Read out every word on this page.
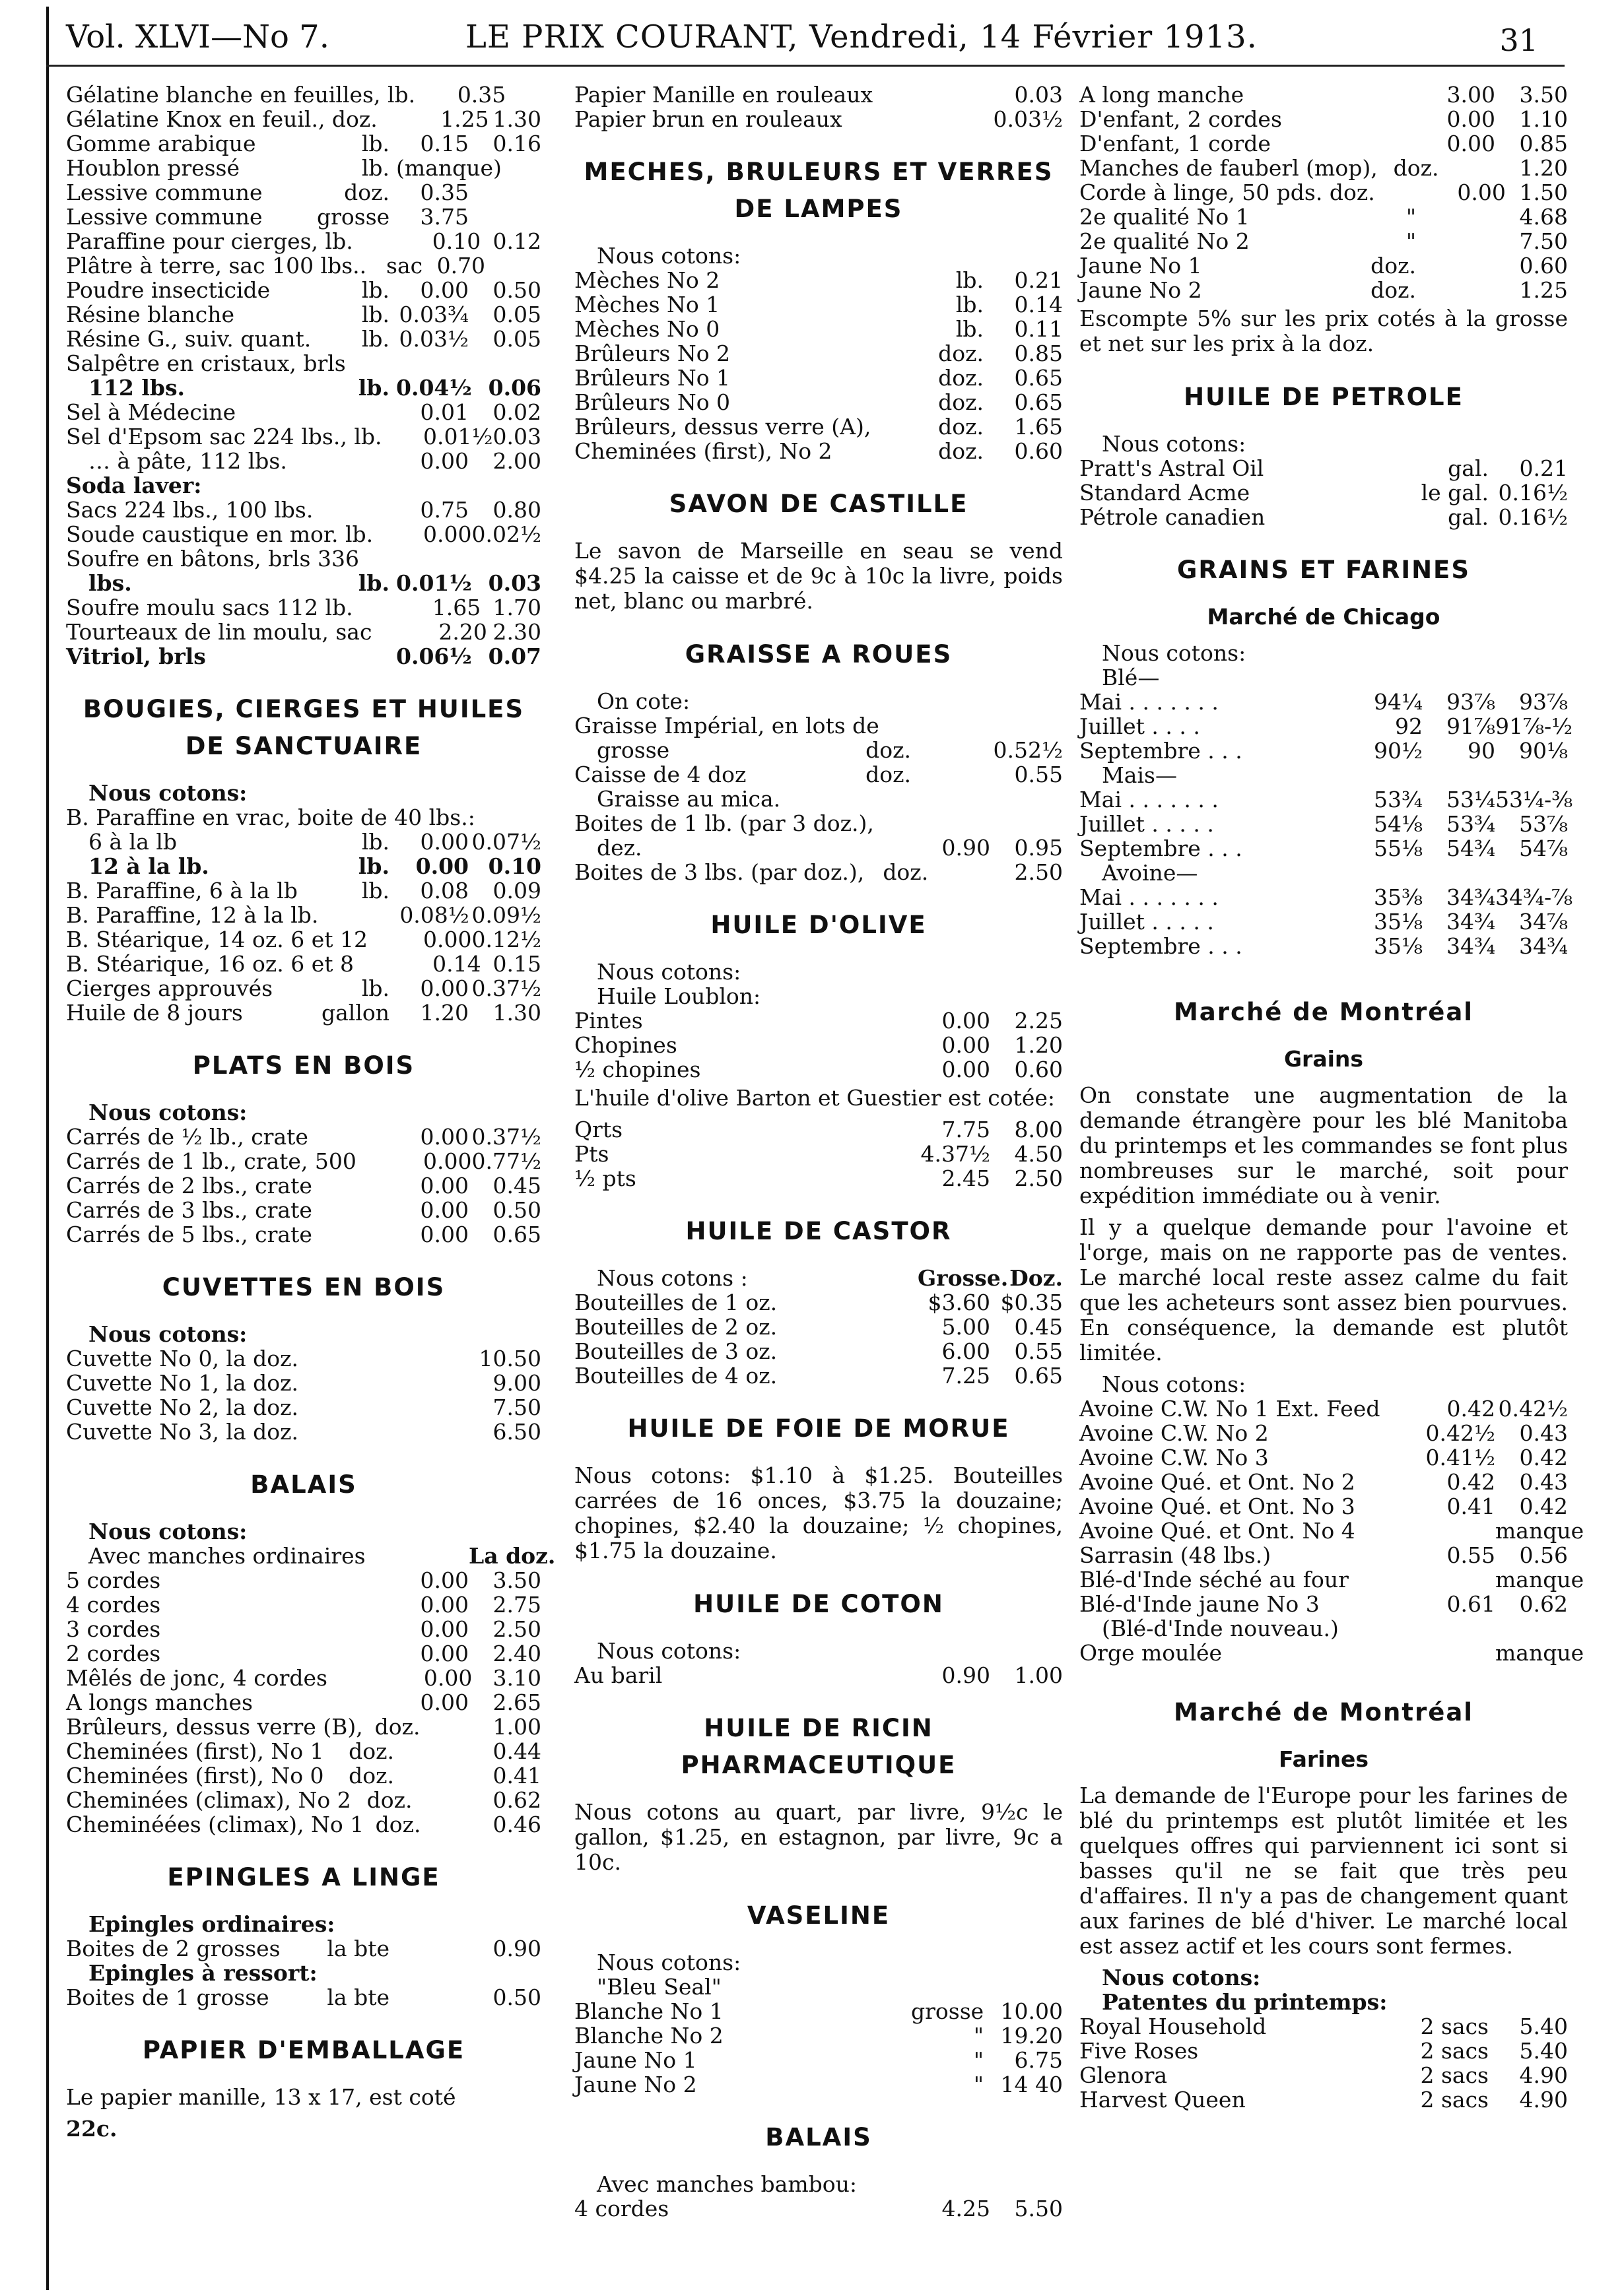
Vol. XLVI—No 7.	LE PRIX COURANT, Vendredi, 14 Février 1913.	31
Gélatine blanche en feuilles, lb. 0.35
Gélatine Knox en feuil., doz.	1.25 1.30
Gomme arabique	lb.	0.15	0.16
Houblon pressé	lb. (manque)
Lessive commune	doz.	0.35
Lessive commune	grosse	3.75
Paraffine pour cierges, lb.	0.10 0.12
Plâtre à terre, sac 100 lbs.. sac 0.70
Poudre insecticide	lb.	0.00	0.50
Résine blanche	lb. 0.03¾	0.05
Résine G., suiv. quant.	lb. 0.03½	0.05
Salpêtre en cristaux, brls
112 lbs.	lb. 0.04½ 0.06
Sel à Médecine	0.01	0.02
Sel d'Epsom sac 224 lbs., lb. 0.01½ 0.03
… à pâte, 112 lbs.	0.00	2.00
Soda laver:
Sacs 224 lbs., 100 lbs.	0.75	0.80
Soude caustique en mor. lb. 0.00 0.02½
Soufre en bâtons, brls 336
lbs.	lb. 0.01½ 0.03
Soufre moulu sacs 112 lb.	1.65 1.70
Tourteaux de lin moulu, sac	2.20 2.30
Vitriol, brls	0.06½ 0.07
BOUGIES, CIERGES ET HUILES DE SANCTUAIRE
Nous cotons:
B. Paraffine en vrac, boite de 40 lbs.:
6 à la lb	lb.	0.00 0.07½
12 à la lb.	lb.	0.00 0.10
B. Paraffine, 6 à la lb	lb.	0.08	0.09
B. Paraffine, 12 à la lb.	0.08½ 0.09½
B. Stéarique, 14 oz. 6 et 12	0.00 0.12½
B. Stéarique, 16 oz. 6 et 8	0.14 0.15
Cierges approuvés	lb.	0.00 0.37½
Huile de 8 jours	gallon	1.20	1.30
PLATS EN BOIS
Nous cotons:
Carrés de ½ lb., crate	0.00 0.37½
Carrés de 1 lb., crate, 500	0.00 0.77½
Carrés de 2 lbs., crate	0.00	0.45
Carrés de 3 lbs., crate	0.00	0.50
Carrés de 5 lbs., crate	0.00	0.65
CUVETTES EN BOIS
Nous cotons:
Cuvette No 0, la doz.	10.50
Cuvette No 1, la doz.	9.00
Cuvette No 2, la doz.	7.50
Cuvette No 3, la doz.	6.50
BALAIS
Nous cotons:
Avec manches ordinaires	La doz.
5 cordes	0.00	3.50
4 cordes	0.00	2.75
3 cordes	0.00	2.50
2 cordes	0.00	2.40
Mêlés de jonc, 4 cordes	0.00 3.10
A longs manches	0.00	2.65
Brûleurs, dessus verre (B), doz.	1.00
Cheminées (first), No 1	doz.	0.44
Cheminées (first), No 0	doz.	0.41
Cheminées (climax), No 2 doz.	0.62
Cheminéées (climax), No 1 doz.	0.46
EPINGLES A LINGE
Epingles ordinaires:
Boites de 2 grosses	la bte	0.90
Epingles à ressort:
Boites de 1 grosse	la bte	0.50
PAPIER D'EMBALLAGE
Le papier manille, 13 x 17, est coté
22c.
Papier Manille en rouleaux	0.03
Papier brun en rouleaux	0.03½
MECHES, BRULEURS ET VERRES DE LAMPES
Nous cotons:
Mèches No 2	lb.	0.21
Mèches No 1	lb.	0.14
Mèches No 0	lb.	0.11
Brûleurs No 2	doz.	0.85
Brûleurs No 1	doz.	0.65
Brûleurs No 0	doz.	0.65
Brûleurs, dessus verre (A),	doz.	1.65
Cheminées (first), No 2	doz.	0.60
SAVON DE CASTILLE
Le savon de Marseille en seau se vend $4.25 la caisse et de 9c à 10c la livre, poids net, blanc ou marbré.
GRAISSE A ROUES
On cote:
Graisse Impérial, en lots de
grosse	doz.	0.52½
Caisse de 4 doz	doz.	0.55
Graisse au mica.
Boites de 1 lb. (par 3 doz.),
dez.	0.90	0.95
Boites de 3 lbs. (par doz.), doz.	2.50
HUILE D'OLIVE
Nous cotons:
Huile Loublon:
Pintes	0.00	2.25
Chopines	0.00	1.20
½ chopines	0.00	0.60
L'huile d'olive Barton et Guestier est cotée:
Qrts	7.75	8.00
Pts	4.37½	4.50
½ pts	2.45	2.50
HUILE DE CASTOR
Nous cotons :	Grosse. Doz.
Bouteilles de 1 oz.	$3.60 $0.35
Bouteilles de 2 oz.	5.00	0.45
Bouteilles de 3 oz.	6.00	0.55
Bouteilles de 4 oz.	7.25	0.65
HUILE DE FOIE DE MORUE
Nous cotons: $1.10 à $1.25. Bouteilles carrées de 16 onces, $3.75 la douzaine; chopines, $2.40 la douzaine; ½ chopines, $1.75 la douzaine.
HUILE DE COTON
Nous cotons:
Au baril	0.90	1.00
HUILE DE RICIN PHARMACEUTIQUE
Nous cotons au quart, par livre, 9½c le gallon, $1.25, en estagnon, par livre, 9c a 10c.
VASELINE
Nous cotons:
"Bleu Seal"
Blanche No 1	grosse 10.00
Blanche No 2	" 19.20
Jaune No 1	"	6.75
Jaune No 2	" 14 40
BALAIS
Avec manches bambou:
4 cordes	4.25	5.50
A long manche	3.00	3.50
D'enfant, 2 cordes	0.00	1.10
D'enfant, 1 corde	0.00	0.85
Manches de fauberl (mop), doz.	1.20
Corde à linge, 50 pds. doz.	0.00 1.50
2e qualité No 1	"	4.68
2e qualité No 2	"	7.50
Jaune No 1	doz.	0.60
Jaune No 2	doz.	1.25
Escompte 5% sur les prix cotés à la grosse et net sur les prix à la doz.
HUILE DE PETROLE
Nous cotons:
Pratt's Astral Oil	gal.	0.21
Standard Acme	le gal. 0.16½
Pétrole canadien	gal. 0.16½
GRAINS ET FARINES
Marché de Chicago
Nous cotons:
Blé—
Mai . . . . . . .	94¼	93⅞	93⅞
Juillet . . . .	92	91⅞ 91⅞-½
Septembre . . .	90½	90	90⅛
Mais—
Mai . . . . . . .	53¾	53¼ 53¼-⅜
Juillet . . . . .	54⅛	53¾	53⅞
Septembre . . .	55⅛	54¾	54⅞
Avoine—
Mai . . . . . . .	35⅜	34¾ 34¾-⅞
Juillet . . . . .	35⅛	34¾	34⅞
Septembre . . .	35⅛	34¾	34¾
Marché de Montréal
Grains
On constate une augmentation de la demande étrangère pour les blé Manitoba du printemps et les commandes se font plus nombreuses sur le marché, soit pour expédition immédiate ou à venir.
Il y a quelque demande pour l'avoine et l'orge, mais on ne rapporte pas de ventes. Le marché local reste assez calme du fait que les acheteurs sont assez bien pourvues. En conséquence, la demande est plutôt limitée.
Nous cotons:
Avoine C.W. No 1 Ext. Feed	0.42 0.42½
Avoine C.W. No 2	0.42½	0.43
Avoine C.W. No 3	0.41½	0.42
Avoine Qué. et Ont. No 2	0.42	0.43
Avoine Qué. et Ont. No 3	0.41	0.42
Avoine Qué. et Ont. No 4	manque
Sarrasin (48 lbs.)	0.55	0.56
Blé-d'Inde séché au four	manque
Blé-d'Inde jaune No 3	0.61	0.62
(Blé-d'Inde nouveau.)
Orge moulée	manque
Marché de Montréal
Farines
La demande de l'Europe pour les farines de blé du printemps est plutôt limitée et les quelques offres qui parviennent ici sont si basses qu'il ne se fait que très peu d'affaires. Il n'y a pas de changement quant aux farines de blé d'hiver. Le marché local est assez actif et les cours sont fermes.
Nous cotons:
Patentes du printemps:
Royal Household	2 sacs	5.40
Five Roses	2 sacs	5.40
Glenora	2 sacs	4.90
Harvest Queen	2 sacs	4.90
